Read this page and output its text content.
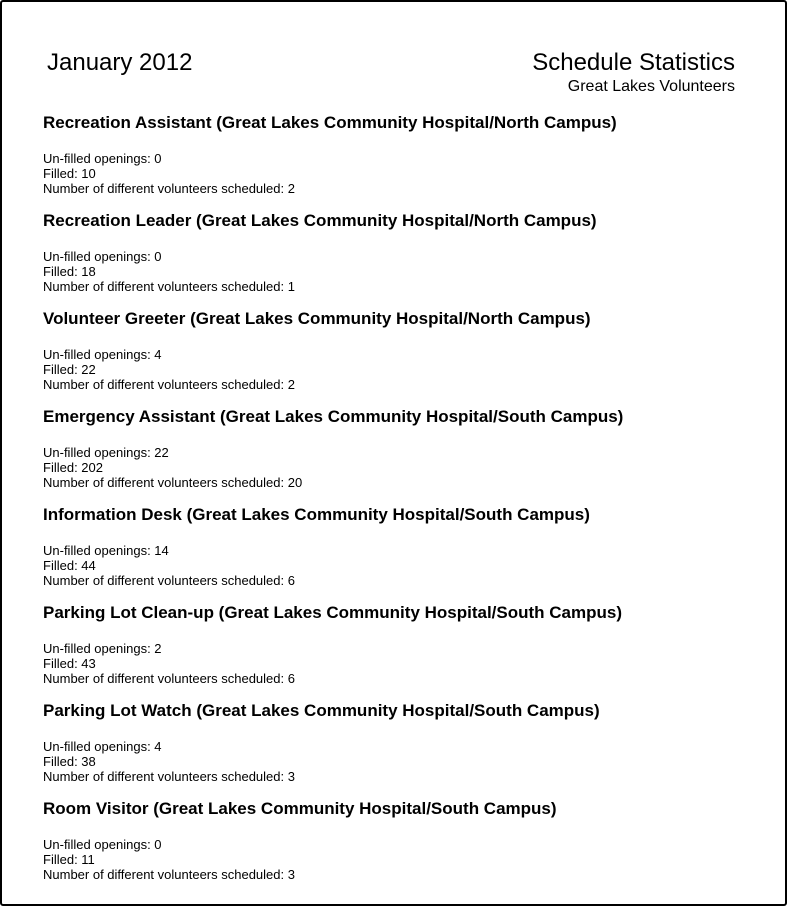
January 2012	Schedule Statistics
Great Lakes Volunteers
Recreation Assistant (Great Lakes Community Hospital/North Campus)
Un-filled openings: 0
Filled: 10
Number of different volunteers scheduled: 2
Recreation Leader (Great Lakes Community Hospital/North Campus)
Un-filled openings: 0
Filled: 18
Number of different volunteers scheduled: 1
Volunteer Greeter (Great Lakes Community Hospital/North Campus)
Un-filled openings: 4
Filled: 22
Number of different volunteers scheduled: 2
Emergency Assistant (Great Lakes Community Hospital/South Campus)
Un-filled openings: 22
Filled: 202
Number of different volunteers scheduled: 20
Information Desk (Great Lakes Community Hospital/South Campus)
Un-filled openings: 14
Filled: 44
Number of different volunteers scheduled: 6
Parking Lot Clean-up (Great Lakes Community Hospital/South Campus)
Un-filled openings: 2
Filled: 43
Number of different volunteers scheduled: 6
Parking Lot Watch (Great Lakes Community Hospital/South Campus)
Un-filled openings: 4
Filled: 38
Number of different volunteers scheduled: 3
Room Visitor (Great Lakes Community Hospital/South Campus)
Un-filled openings: 0
Filled: 11
Number of different volunteers scheduled: 3
